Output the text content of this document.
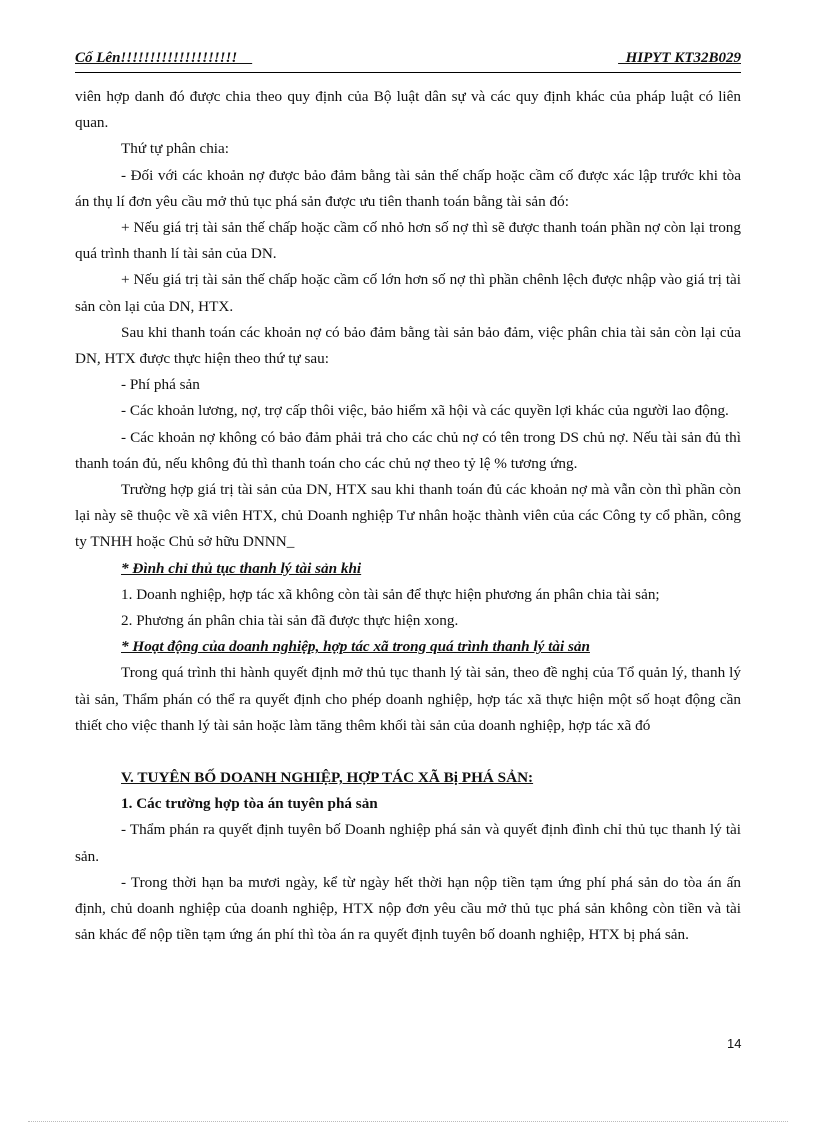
Cố Lên!!!!!!!!!!!!!!!!!!!!	HIPYT KT32B029

viên hợp danh đó được chia theo quy định của Bộ luật dân sự và các quy định khác của pháp luật có liên quan.

Thứ tự phân chia:

- Đối với các khoản nợ được bảo đảm bằng tài sản thế chấp hoặc cầm cố được xác lập trước khi tòa án thụ lí đơn yêu cầu mở thủ tục phá sản được ưu tiên thanh toán bằng tài sản đó:

+ Nếu giá trị tài sản thế chấp hoặc cầm cố nhỏ hơn số nợ thì sẽ được thanh toán phần nợ còn lại trong quá trình thanh lí tài sản của DN.

+ Nếu giá trị tài sản thế chấp hoặc cầm cố lớn hơn số nợ thì phần chênh lệch được nhập vào giá trị tài sản còn lại của DN, HTX.

Sau khi thanh toán các khoản nợ có bảo đảm bằng tài sản bảo đảm, việc phân chia tài sản còn lại của DN, HTX được thực hiện theo thứ tự sau:

- Phí phá sản

- Các khoản lương, nợ, trợ cấp thôi việc, bảo hiểm xã hội và các quyền lợi khác của người lao động.

- Các khoản nợ không có bảo đảm phải trả cho các chủ nợ có tên trong DS chủ nợ. Nếu tài sản đủ thì thanh toán đủ, nếu không đủ thì thanh toán cho các chủ nợ theo tỷ lệ % tương ứng.

Trường hợp giá trị tài sản của DN, HTX sau khi thanh toán đủ các khoản nợ mà vẫn còn thì phần còn lại này sẽ thuộc về xã viên HTX, chủ Doanh nghiệp Tư nhân hoặc thành viên của các Công ty cổ phần, công ty TNHH hoặc Chủ sở hữu DNNN_

* Đình chỉ thủ tục thanh lý tài sản khi

1. Doanh nghiệp, hợp tác xã không còn tài sản để thực hiện phương án phân chia tài sản;

2. Phương án phân chia tài sản đã được thực hiện xong.

* Hoạt động của doanh nghiệp, hợp tác xã trong quá trình thanh lý tài sản

Trong quá trình thi hành quyết định mở thủ tục thanh lý tài sản, theo đề nghị của Tổ quản lý, thanh lý tài sản, Thẩm phán có thể ra quyết định cho phép doanh nghiệp, hợp tác xã thực hiện một số hoạt động cần thiết cho việc thanh lý tài sản hoặc làm tăng thêm khối tài sản của doanh nghiệp, hợp tác xã đó

V. TUYÊN BỐ DOANH NGHIỆP, HỢP TÁC XÃ Bị PHÁ SẢN:

1. Các trường hợp tòa án tuyên phá sản

- Thẩm phán ra quyết định tuyên bố Doanh nghiệp phá sản và quyết định đình chỉ thủ tục thanh lý tài sản.

- Trong thời hạn ba mươi ngày, kể từ ngày hết thời hạn nộp tiền tạm ứng phí phá sản do tòa án ấn định, chủ doanh nghiệp của doanh nghiệp, HTX nộp đơn yêu cầu mở thủ tục phá sản không còn tiền và tài sản khác để nộp tiền tạm ứng án phí thì tòa án ra quyết định tuyên bố doanh nghiệp, HTX bị phá sản.

14
